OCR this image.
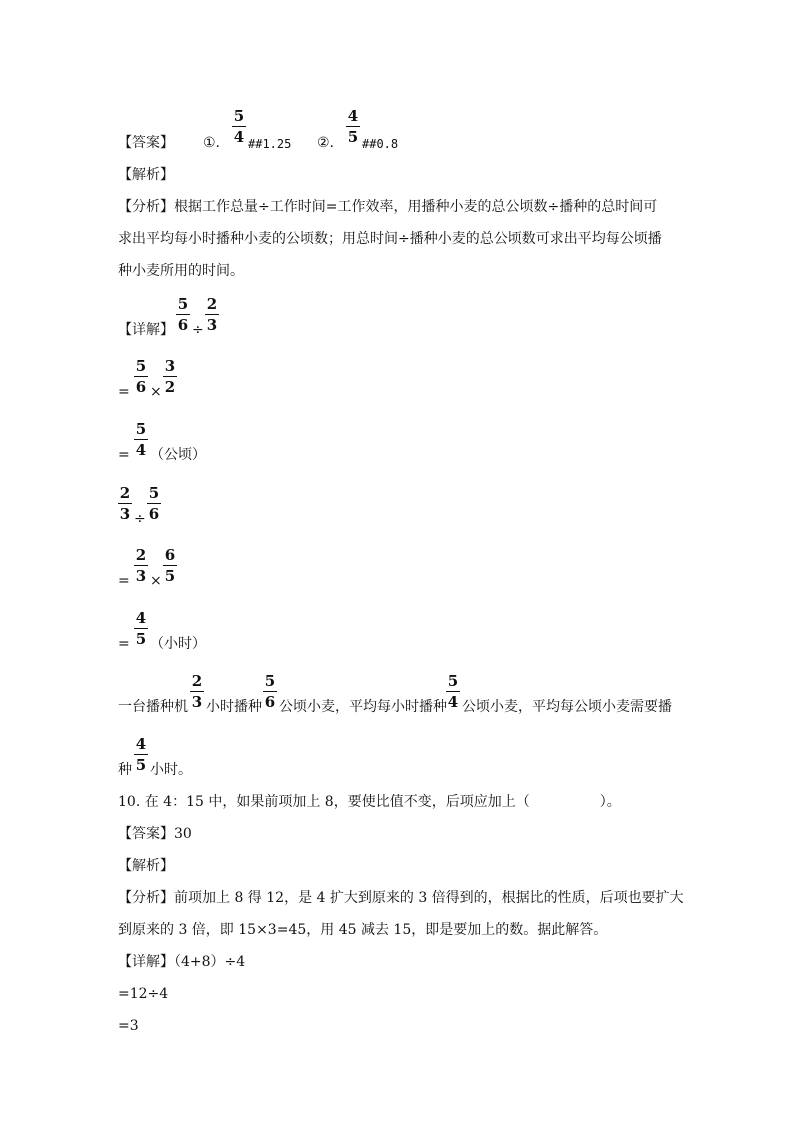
【答案】 ①.
5
4 ##1.25 ②.
4
5 ##0.8
【解析】
【分析】根据工作总量÷工作时间=工作效率，用播种小麦的总公顷数÷播种的总时间可
求出平均每小时播种小麦的公顷数；用总时间÷播种小麦的总公顷数可求出平均每公顷播
种小麦所用的时间。
【详解】
5
6 ÷
2
3
=
5
6 ×
3
2
=
5
4 （公顷）
2
3 ÷
5
6
=
2
3 ×
6
5
=
4
5 （小时）
一台播种机
2
3 小时播种
5
6 公顷小麦，平均每小时播种
5
4 公顷小麦，平均每公顷小麦需要播
种
4
5 小时。
10. 在 4：15 中，如果前项加上 8，要使比值不变，后项应加上（　　　　　）。
【答案】30
【解析】
【分析】前项加上 8 得 12，是 4 扩大到原来的 3 倍得到的，根据比的性质，后项也要扩大
到原来的 3 倍，即 15×3=45，用 45 减去 15，即是要加上的数。据此解答。
【详解】（4+8）÷4
=12÷4
=3
